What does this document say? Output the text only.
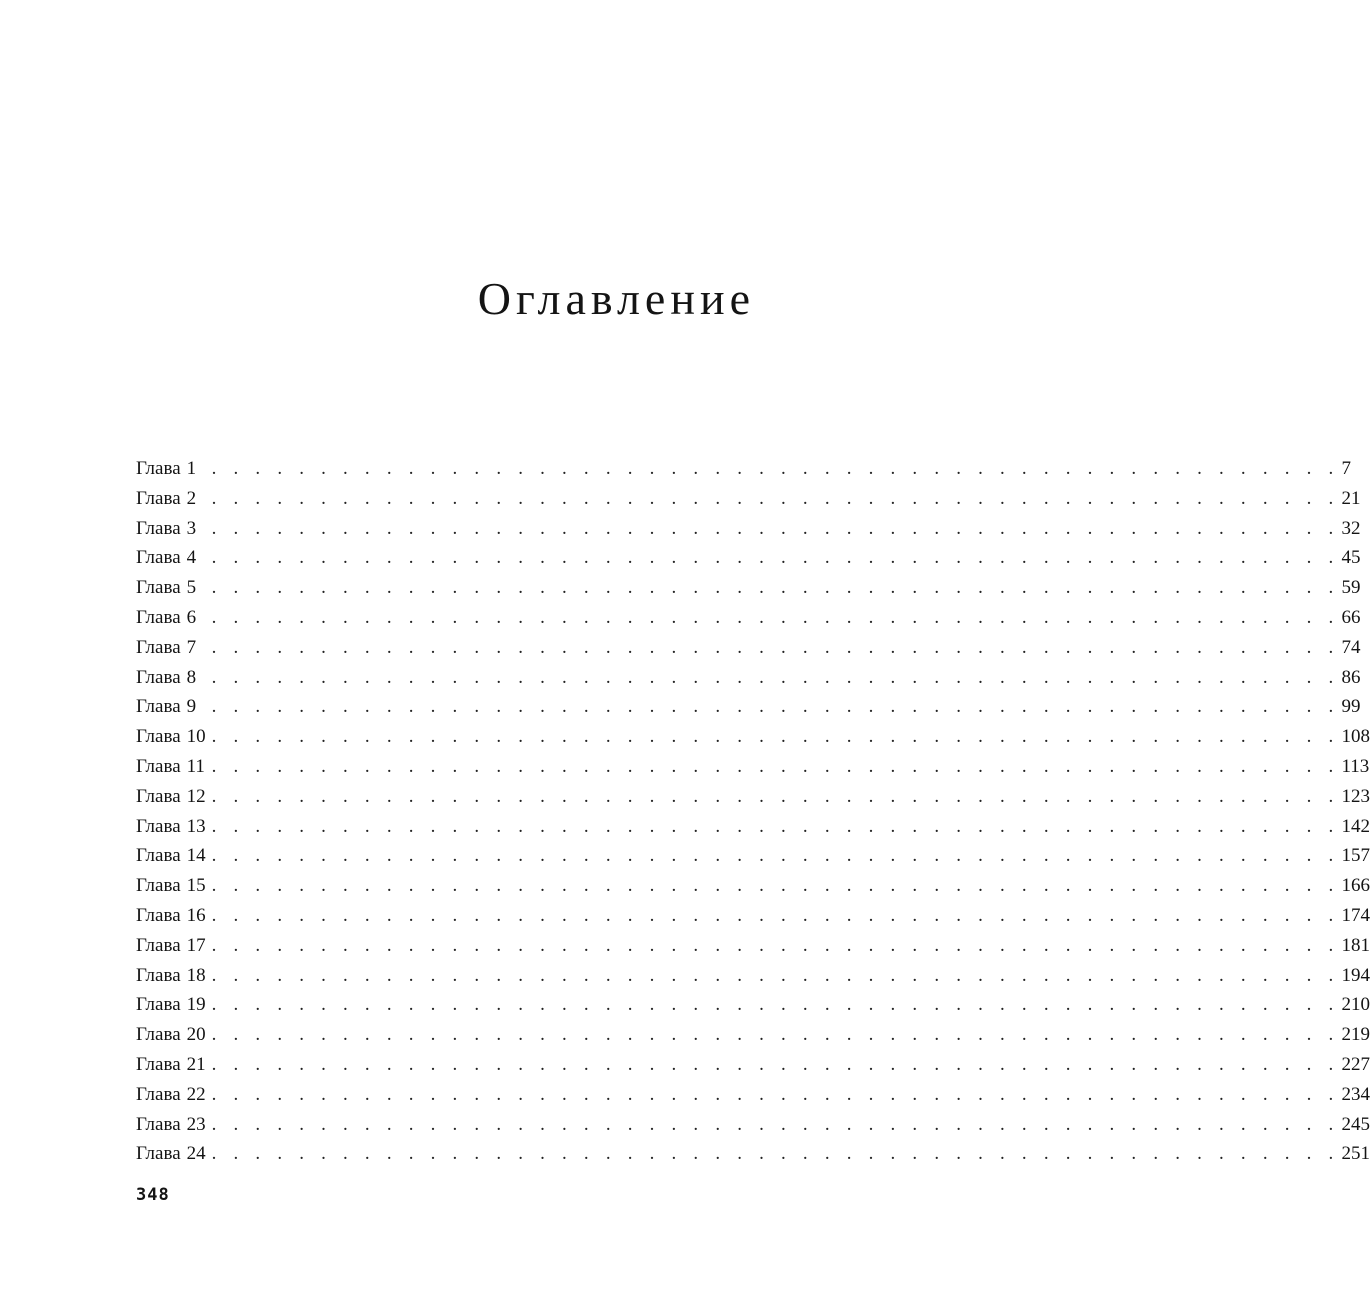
Оглавление
Глава 1 . . . . . . . . . . . . . . . . . . . . . . . . . . . . . . . . . . . . . . . . . . . . . . . . . . . . 7
Глава 2 . . . . . . . . . . . . . . . . . . . . . . . . . . . . . . . . . . . . . . . . . . . . . . . . . . . . 21
Глава 3 . . . . . . . . . . . . . . . . . . . . . . . . . . . . . . . . . . . . . . . . . . . . . . . . . . . . 32
Глава 4 . . . . . . . . . . . . . . . . . . . . . . . . . . . . . . . . . . . . . . . . . . . . . . . . . . . . 45
Глава 5 . . . . . . . . . . . . . . . . . . . . . . . . . . . . . . . . . . . . . . . . . . . . . . . . . . . . 59
Глава 6 . . . . . . . . . . . . . . . . . . . . . . . . . . . . . . . . . . . . . . . . . . . . . . . . . . . . 66
Глава 7 . . . . . . . . . . . . . . . . . . . . . . . . . . . . . . . . . . . . . . . . . . . . . . . . . . . . 74
Глава 8 . . . . . . . . . . . . . . . . . . . . . . . . . . . . . . . . . . . . . . . . . . . . . . . . . . . . 86
Глава 9 . . . . . . . . . . . . . . . . . . . . . . . . . . . . . . . . . . . . . . . . . . . . . . . . . . . . 99
Глава 10 . . . . . . . . . . . . . . . . . . . . . . . . . . . . . . . . . . . . . . . . . . . . . . . . . . . . 108
Глава 11 . . . . . . . . . . . . . . . . . . . . . . . . . . . . . . . . . . . . . . . . . . . . . . . . . . . . 113
Глава 12 . . . . . . . . . . . . . . . . . . . . . . . . . . . . . . . . . . . . . . . . . . . . . . . . . . . . 123
Глава 13 . . . . . . . . . . . . . . . . . . . . . . . . . . . . . . . . . . . . . . . . . . . . . . . . . . . . 142
Глава 14 . . . . . . . . . . . . . . . . . . . . . . . . . . . . . . . . . . . . . . . . . . . . . . . . . . . . 157
Глава 15 . . . . . . . . . . . . . . . . . . . . . . . . . . . . . . . . . . . . . . . . . . . . . . . . . . . . 166
Глава 16 . . . . . . . . . . . . . . . . . . . . . . . . . . . . . . . . . . . . . . . . . . . . . . . . . . . . 174
Глава 17 . . . . . . . . . . . . . . . . . . . . . . . . . . . . . . . . . . . . . . . . . . . . . . . . . . . . 181
Глава 18 . . . . . . . . . . . . . . . . . . . . . . . . . . . . . . . . . . . . . . . . . . . . . . . . . . . . 194
Глава 19 . . . . . . . . . . . . . . . . . . . . . . . . . . . . . . . . . . . . . . . . . . . . . . . . . . . . 210
Глава 20 . . . . . . . . . . . . . . . . . . . . . . . . . . . . . . . . . . . . . . . . . . . . . . . . . . . . 219
Глава 21 . . . . . . . . . . . . . . . . . . . . . . . . . . . . . . . . . . . . . . . . . . . . . . . . . . . . 227
Глава 22 . . . . . . . . . . . . . . . . . . . . . . . . . . . . . . . . . . . . . . . . . . . . . . . . . . . . 234
Глава 23 . . . . . . . . . . . . . . . . . . . . . . . . . . . . . . . . . . . . . . . . . . . . . . . . . . . . 245
Глава 24 . . . . . . . . . . . . . . . . . . . . . . . . . . . . . . . . . . . . . . . . . . . . . . . . . . . . 251
348
